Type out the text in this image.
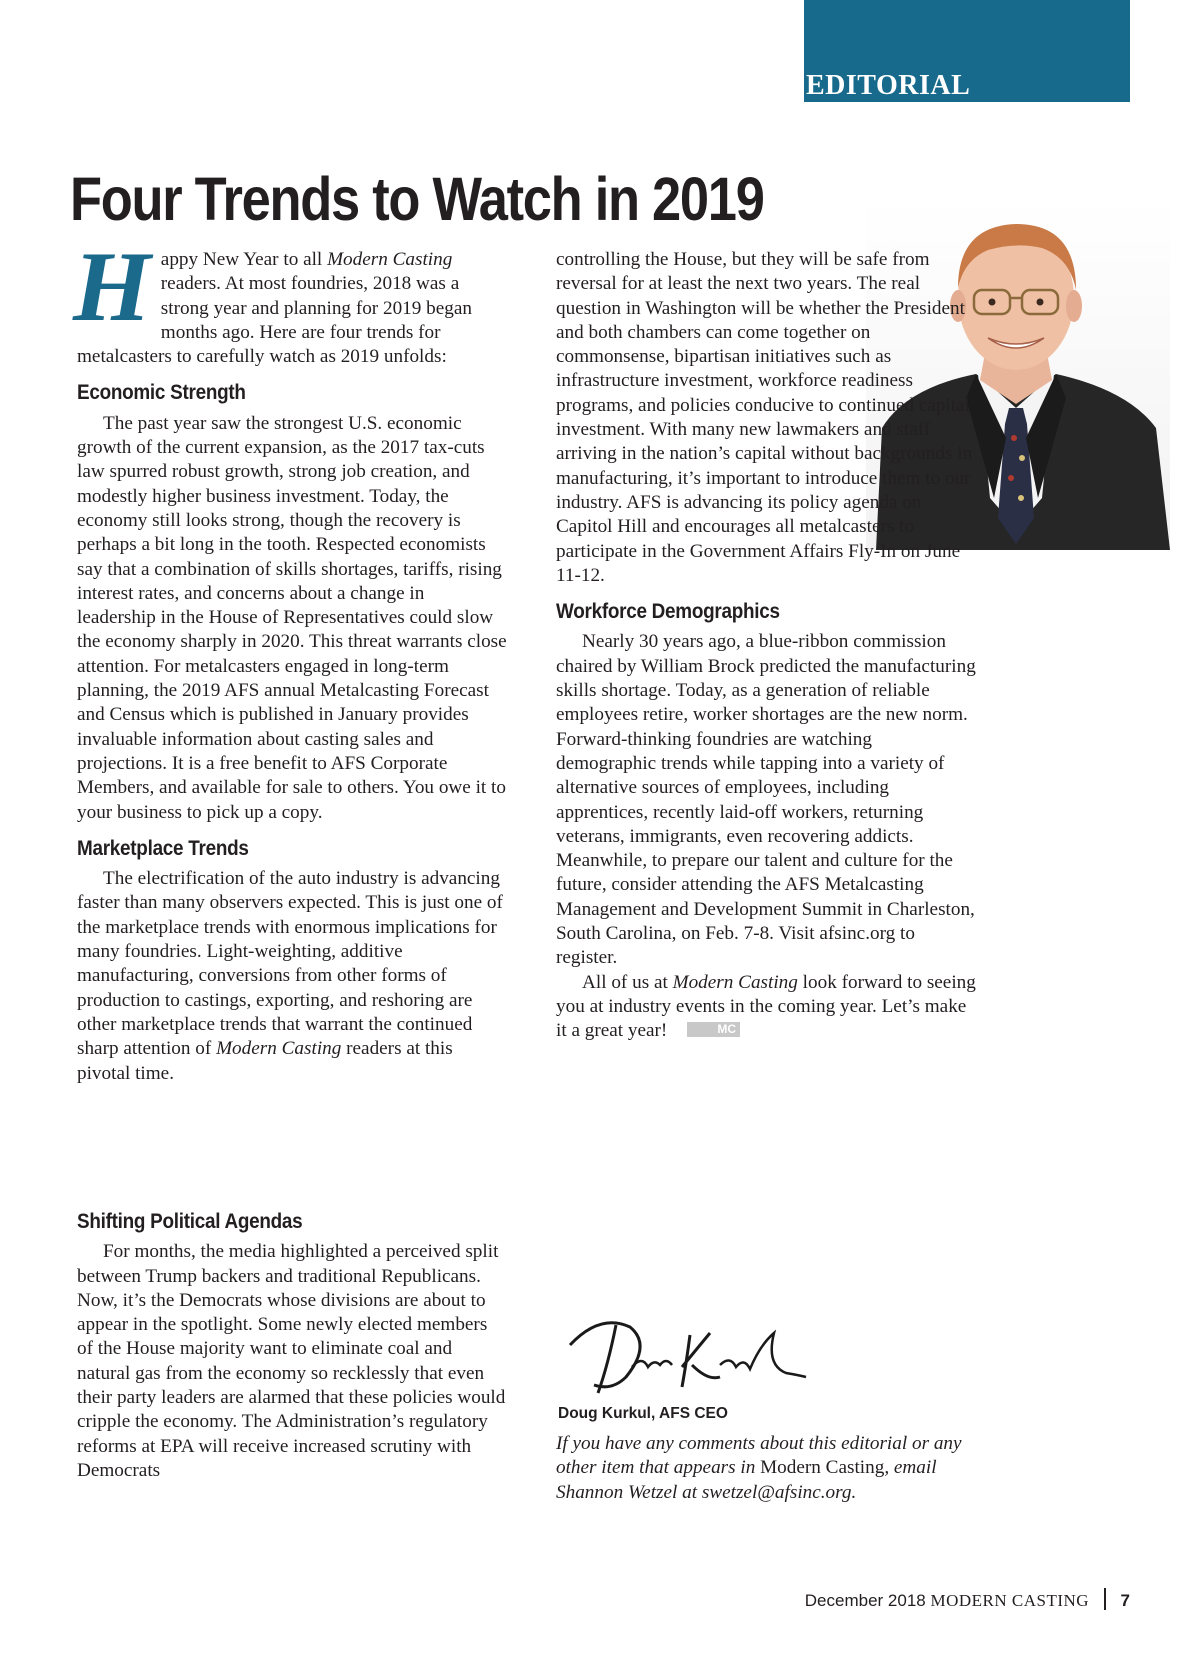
EDITORIAL
Four Trends to Watch in 2019

Happy New Year to all Modern Casting readers. At most foundries, 2018 was a strong year and planning for 2019 began months ago. Here are four trends for metalcasters to carefully watch as 2019 unfolds:

Economic Strength

The past year saw the strongest U.S. economic growth of the current expansion, as the 2017 tax-cuts law spurred robust growth, strong job creation, and modestly higher business investment. Today, the economy still looks strong, though the recovery is perhaps a bit long in the tooth. Respected economists say that a combination of skills shortages, tariffs, rising interest rates, and concerns about a change in leadership in the House of Representatives could slow the economy sharply in 2020. This threat warrants close attention. For metalcasters engaged in long-term planning, the 2019 AFS annual Metalcasting Forecast and Census which is published in January provides invaluable information about casting sales and projections. It is a free benefit to AFS Corporate Members, and available for sale to others. You owe it to your business to pick up a copy.

Marketplace Trends

The electrification of the auto industry is advancing faster than many observers expected. This is just one of the marketplace trends with enormous implications for many foundries. Light-weighting, additive manufacturing, conversions from other forms of production to castings, exporting, and reshoring are other marketplace trends that warrant the continued sharp attention of Modern Casting readers at this pivotal time.

Shifting Political Agendas

For months, the media highlighted a perceived split between Trump backers and traditional Republicans. Now, it’s the Democrats whose divisions are about to appear in the spotlight. Some newly elected members of the House majority want to eliminate coal and natural gas from the economy so recklessly that even their party leaders are alarmed that these policies would cripple the economy. The Administration’s regulatory reforms at EPA will receive increased scrutiny with Democrats

controlling the House, but they will be safe from reversal for at least the next two years. The real question in Washington will be whether the President and both chambers can come together on commonsense, bipartisan initiatives such as infrastructure investment, workforce readiness programs, and policies conducive to continued capital investment. With many new lawmakers and staff arriving in the nation’s capital without backgrounds in manufacturing, it’s important to introduce them to our industry. AFS is advancing its policy agenda on Capitol Hill and encourages all metalcasters to participate in the Government Affairs Fly-In on June 11-12.

Workforce Demographics

Nearly 30 years ago, a blue-ribbon commission chaired by William Brock predicted the manufacturing skills shortage. Today, as a generation of reliable employees retire, worker shortages are the new norm. Forward-thinking foundries are watching demographic trends while tapping into a variety of alternative sources of employees, including apprentices, recently laid-off workers, returning veterans, immigrants, even recovering addicts. Meanwhile, to prepare our talent and culture for the future, consider attending the AFS Metalcasting Management and Development Summit in Charleston, South Carolina, on Feb. 7-8. Visit afsinc.org to register.

All of us at Modern Casting look forward to seeing you at industry events in the coming year. Let’s make it a great year!	MC

Doug Kurkul, AFS CEO

If you have any comments about this editorial or any other item that appears in Modern Casting, email Shannon Wetzel at swetzel@afsinc.org.

December 2018 MODERN CASTING 7
